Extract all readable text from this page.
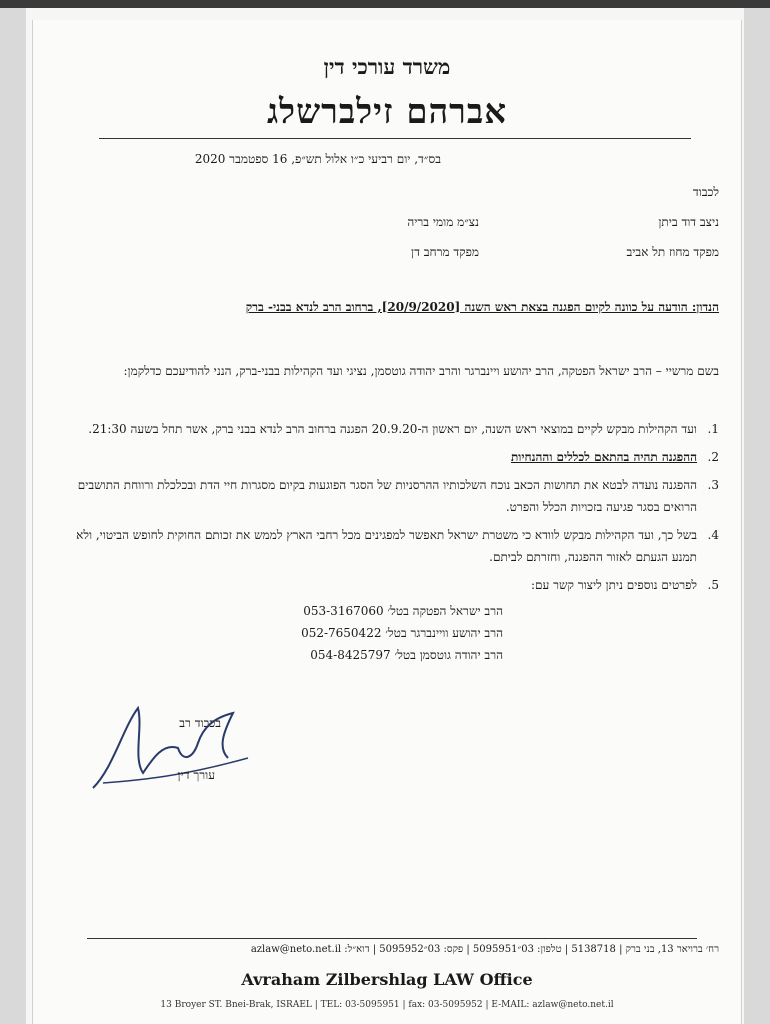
משרד עורכי דין
אברהם זילברשלג
בס״ד, יום רביעי כ״ו אלול תש״פ, 16 ספטמבר 2020
לכבוד
ניצב דוד ביתן
נצ״מ מומי בריה
מפקד מחוז תל אביב
מפקד מרחב דן
הנדון: הודעה על כוונה לקיום הפגנה בצאת ראש השנה [20/9/2020], ברחוב הרב לנדא בבני- ברק
בשם מרשיי – הרב ישראל הפטקה, הרב יהושע ויינברגר והרב יהודה גוטסמן, נציגי ועד הקהילות בבני-ברק, הנני להודיעכם כדלקמן:
1.
ועד הקהילות מבקש לקיים במוצאי ראש השנה, יום ראשון ה-20.9.20 הפגנה ברחוב הרב לנדא בבני ברק, אשר תחל בשעה 21:30.
2.
ההפגנה תהיה בהתאם לכללים וההנחיות
3.
ההפגנה נועדה לבטא את תחושות הכאב נוכח השלכותיו ההרסניות של הסגר הפוגעות בקיום מסגרות חיי הדת ובכלכלת ורווחת התושבים הרואים בסגר פגיעה בזכויות הכלל והפרט.
4.
בשל כך, ועד הקהילות מבקש לוודא כי משטרת ישראל תאפשר למפגינים מכל רחבי הארץ לממש את זכותם החוקית לחופש הביטוי, ולא תמנע הגעתם לאזור ההפגנה, וחזרתם לביתם.
5.
לפרטים נוספים ניתן ליצור קשר עם:
הרב ישראל הפטקה בטל׳ 053-3167060
הרב יהושע וויינברגר בטל׳ 052-7650422
הרב יהודה גוטסמן בטל׳ 054-8425797
בכבוד רב
עורך דין
רח׳ ברויאר 13, בני ברק | 5138718 | טלפון: 03״5095951 | פקס: 03״5095952 | דוא״ל: azlaw@neto.net.il
Avraham Zilbershlag LAW Office
13 Broyer ST. Bnei-Brak, ISRAEL | TEL: 03-5095951 | fax: 03-5095952 | E-MAIL: azlaw@neto.net.il
